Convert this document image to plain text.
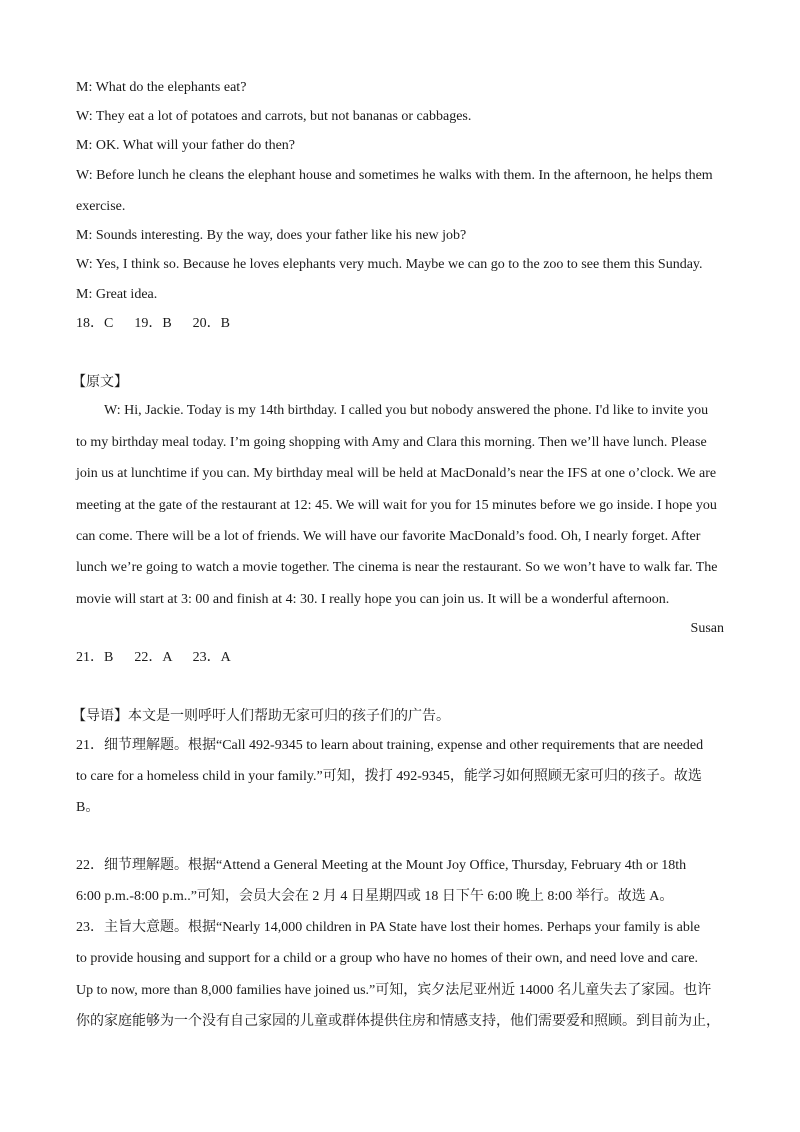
M: What do the elephants eat?
W: They eat a lot of potatoes and carrots, but not bananas or cabbages.
M: OK. What will your father do then?
W: Before lunch he cleans the elephant house and sometimes he walks with them. In the afternoon, he helps them
exercise.
M: Sounds interesting. By the way, does your father like his new job?
W: Yes, I think so. Because he loves elephants very much. Maybe we can go to the zoo to see them this Sunday.
M: Great idea.
18．C      19．B      20．B
【原文】
W: Hi, Jackie. Today is my 14th birthday. I called you but nobody answered the phone. I'd like to invite you
to my birthday meal today. I’m going shopping with Amy and Clara this morning. Then we’ll have lunch. Please
join us at lunchtime if you can. My birthday meal will be held at MacDonald’s near the IFS at one o’clock. We are
meeting at the gate of the restaurant at 12: 45. We will wait for you for 15 minutes before we go inside. I hope you
can come. There will be a lot of friends. We will have our favorite MacDonald’s food. Oh, I nearly forget. After
lunch we’re going to watch a movie together. The cinema is near the restaurant. So we won’t have to walk far. The
movie will start at 3: 00 and finish at 4: 30. I really hope you can join us. It will be a wonderful afternoon.
Susan
21．B      22．A      23．A
【导语】本文是一则呼吁人们帮助无家可归的孩子们的广告。
21．细节理解题。根据“Call 492-9345 to learn about training, expense and other requirements that are needed
to care for a homeless child in your family.”可知，拨打 492-9345，能学习如何照顾无家可归的孩子。故选
B。
22．细节理解题。根据“Attend a General Meeting at the Mount Joy Office, Thursday, February 4th or 18th
6:00 p.m.-8:00 p.m..”可知，会员大会在 2 月 4 日星期四或 18 日下午 6:00 晚上 8:00 举行。故选 A。
23．主旨大意题。根据“Nearly 14,000 children in PA State have lost their homes. Perhaps your family is able
to provide housing and support for a child or a group who have no homes of their own, and need love and care.
Up to now, more than 8,000 families have joined us.”可知，宾夕法尼亚州近 14000 名儿童失去了家园。也许
你的家庭能够为一个没有自己家园的儿童或群体提供住房和情感支持，他们需要爱和照顾。到目前为止，
